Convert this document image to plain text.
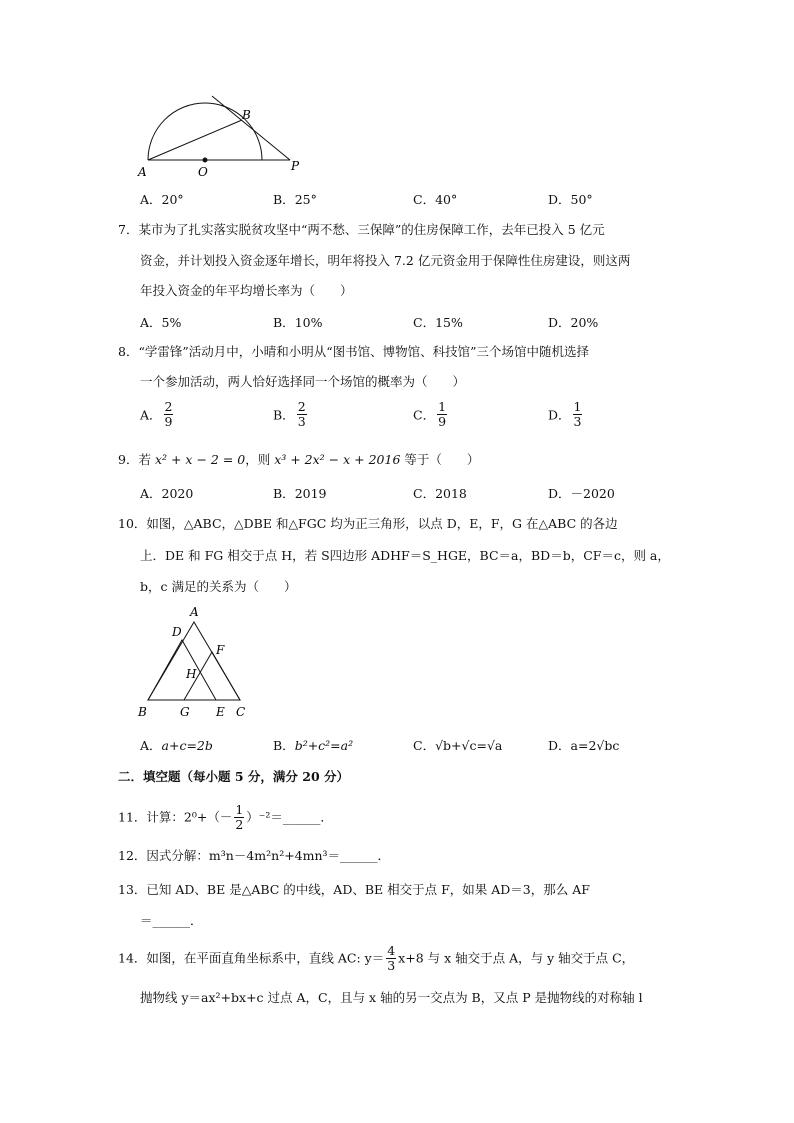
A	O
B
P
A．20°	B．25°	C．40°	D．50°
7．某市为了扎实落实脱贫攻坚中“两不愁、三保障”的住房保障工作，去年已投入 5 亿元
资金，并计划投入资金逐年增长，明年将投入 7.2 亿元资金用于保障性住房建设，则这两
年投入资金的年平均增长率为（　　）
A．5%	B．10%	C．15%	D．20%
8．“学雷锋”活动月中，小晴和小明从“图书馆、博物馆、科技馆”三个场馆中随机选择
一个参加活动，两人恰好选择同一个场馆的概率为（　　）
A． $\frac{2}{9}$	B． $\frac{2}{3}$	C． $\frac{1}{9}$	D． $\frac{1}{3}$
9．若 x² + x − 2 = 0，则 x³ + 2x² − x + 2016 等于（　　）
A．2020	B．2019	C．2018	D．－2020
10．如图，△ABC，△DBE 和△FGC 均为正三角形，以点 D，E，F，G 在△ABC 的各边
上．DE 和 FG 相交于点 H，若 S四边形 ADHF＝S_HGE，BC＝a，BD＝b，CF＝c，则 a，
b，c 满足的关系为（　　）
A
D
F
H
B	G E C
A．a+c=2b	B．b²+c²=a²	C．√b+√c=√a	D．a=2√bc
二．填空题（每小题 5 分，满分 20 分）
11．计算：$2^0+(- \frac{1}{2}$ ）⁻²＝______．
12．因式分解：m³n－4m²n²+4mn³＝______．
13．已知 AD、BE 是△ABC 的中线，AD、BE 相交于点 F，如果 AD＝3，那么 AF
＝______．
14．如图，在平面直角坐标系中，直线 AC: $y= \frac{4}{3} x+8$ 与 x 轴交于点 A，与 y 轴交于点 C，
抛物线 y＝ax²+bx+c 过点 A，C，且与 x 轴的另一交点为 B，又点 P 是抛物线的对称轴 l
